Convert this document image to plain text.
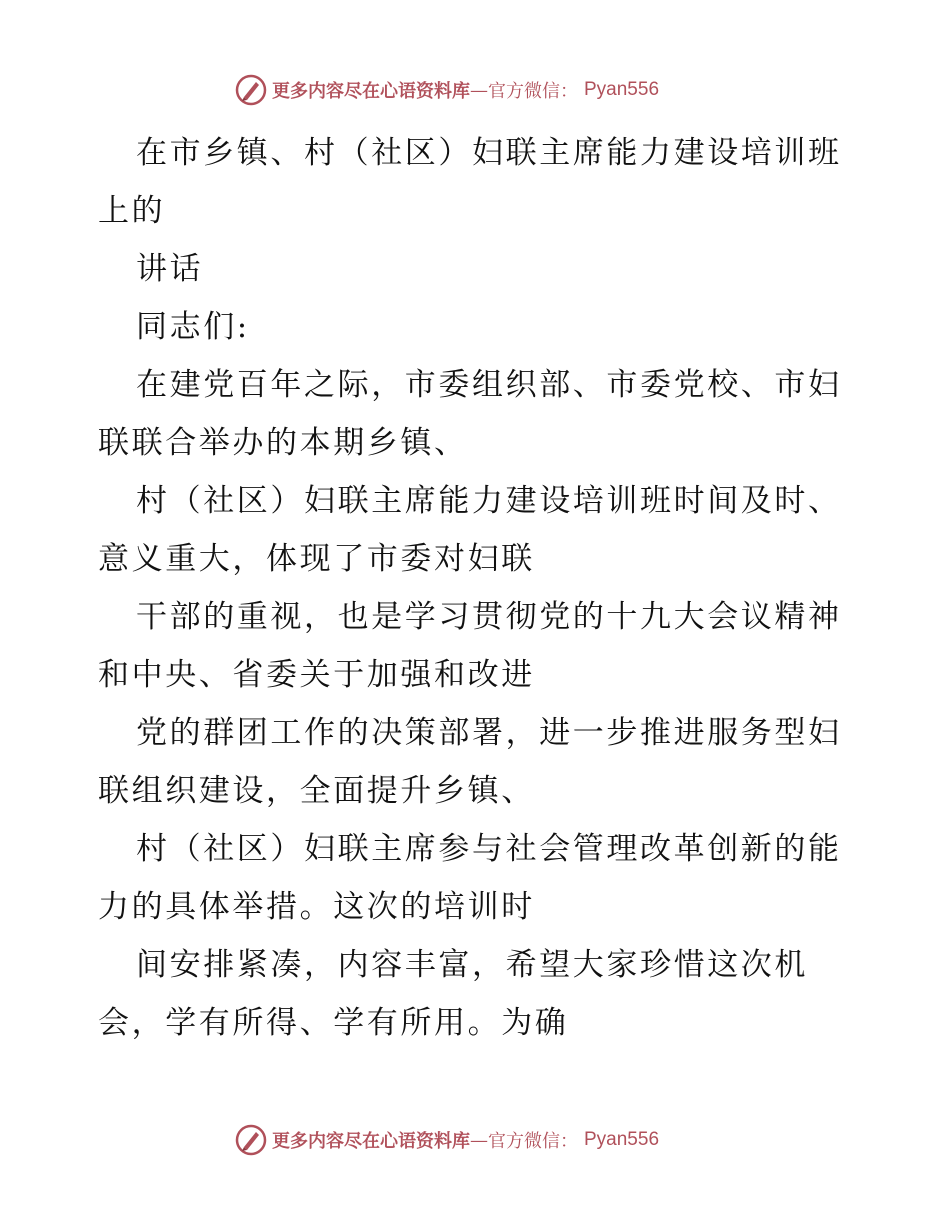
更多内容尽在心语资料库 — 官方微信： Pyan556

在市乡镇、村（社区）妇联主席能力建设培训班
上的

讲话

同志们:

在建党百年之际，市委组织部、市委党校、市妇
联联合举办的本期乡镇、

村（社区）妇联主席能力建设培训班时间及时、
意义重大，体现了市委对妇联

干部的重视，也是学习贯彻党的十九大会议精神
和中央、省委关于加强和改进

党的群团工作的决策部署，进一步推进服务型妇
联组织建设，全面提升乡镇、

村（社区）妇联主席参与社会管理改革创新的能
力的具体举措。这次的培训时

间安排紧凑，内容丰富，希望大家珍惜这次机
会，学有所得、学有所用。为确

更多内容尽在心语资料库 — 官方微信： Pyan556
